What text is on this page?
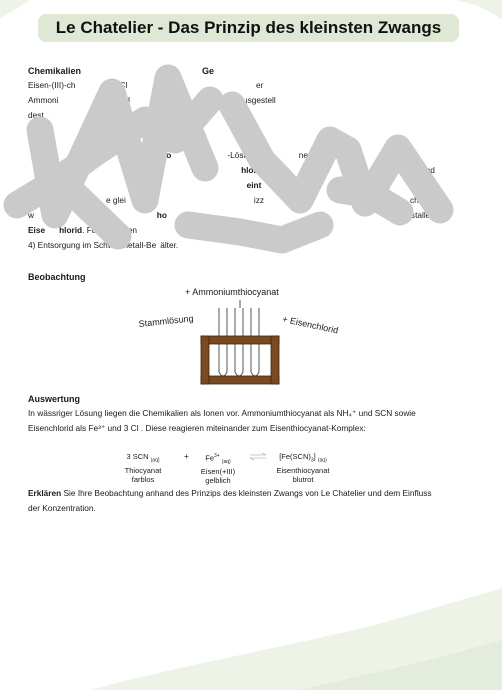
Le Chatelier - Das Prinzip des kleinsten Zwangs
Chemikalien
Eisen-(III)-ch	Cl
Ammoni	at-l
dest
Ge
er
usgestell
urch
ie	ei hio	-Lösun	ner
er Tr	hlorid	n und
e	ösun	eint
2)	g e glei	izz	ch. In die
w	g einige	ho	stalle
Eise hlorid. Fu Sie einen	ch m	ösun
4) Entsorgung im Schwermetall-Be älter.
Beobachtung
+ Ammoniumthiocyanat
Stammlösung	+ Eisenchlorid
Auswertung
In wässriger Lösung liegen die Chemikalien als Ionen vor. Ammoniumthiocyanat als NH₄⁺ und SCN sowie
Eisenchlorid als Fe³⁺ und 3 Cl . Diese reagieren miteinander zum Eisenthiocyanat-Komplex:
3 SCN $_{(aq)}$
Thiocyanat
farblos
+	$Fe^{3+}$ $_{(aq)}$
Eisen(+III)
gelblich
$[Fe(SCN)_3]$ $_{(aq)}$
Eisenthiocyanat
blutrot
Erklären Sie Ihre Beobachtung anhand des Prinzips des kleinsten Zwangs von Le Chatelier und dem Einfluss
der Konzentration.
